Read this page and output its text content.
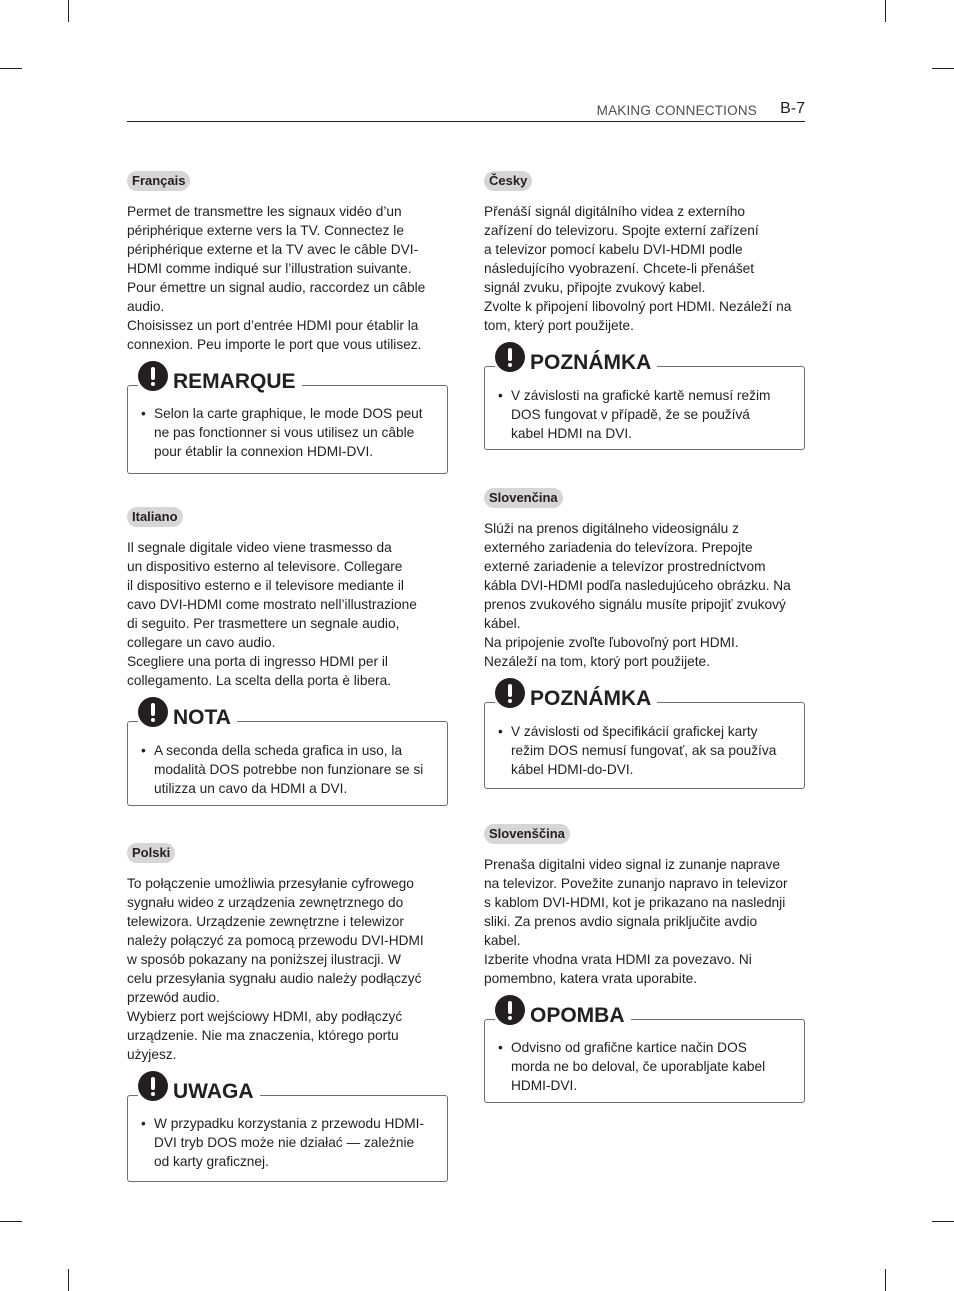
MAKING CONNECTIONS B-7
Français

Permet de transmettre les signaux vidéo d’un
périphérique externe vers la TV. Connectez le
périphérique externe et la TV avec le câble DVI-
HDMI comme indiqué sur l’illustration suivante.
Pour émettre un signal audio, raccordez un câble
audio.
Choisissez un port d’entrée HDMI pour établir la
connexion. Peu importe le port que vous utilisez.

REMARQUE
• Selon la carte graphique, le mode DOS peut
ne pas fonctionner si vous utilisez un câble
pour établir la connexion HDMI-DVI.
Italiano

Il segnale digitale video viene trasmesso da
un dispositivo esterno al televisore. Collegare
il dispositivo esterno e il televisore mediante il
cavo DVI-HDMI come mostrato nell’illustrazione
di seguito. Per trasmettere un segnale audio,
collegare un cavo audio.
Scegliere una porta di ingresso HDMI per il
collegamento. La scelta della porta è libera.

NOTA
• A seconda della scheda grafica in uso, la
modalità DOS potrebbe non funzionare se si
utilizza un cavo da HDMI a DVI.
Polski

To połączenie umożliwia przesyłanie cyfrowego
sygnału wideo z urządzenia zewnętrznego do
telewizora. Urządzenie zewnętrzne i telewizor
należy połączyć za pomocą przewodu DVI-HDMI
w sposób pokazany na poniższej ilustracji. W
celu przesyłania sygnału audio należy podłączyć
przewód audio.
Wybierz port wejściowy HDMI, aby podłączyć
urządzenie. Nie ma znaczenia, którego portu
użyjesz.

UWAGA
• W przypadku korzystania z przewodu HDMI-
DVI tryb DOS może nie działać — zależnie
od karty graficznej.
Česky

Přenáší signál digitálního videa z externího
zařízení do televizoru. Spojte externí zařízení
a televizor pomocí kabelu DVI-HDMI podle
následujícího vyobrazení. Chcete-li přenášet
signál zvuku, připojte zvukový kabel.
Zvolte k připojení libovolný port HDMI. Nezáleží na
tom, který port použijete.

POZNÁMKA
• V závislosti na grafické kartě nemusí režim
DOS fungovat v případě, že se používá
kabel HDMI na DVI.
Slovenčina

Slúži na prenos digitálneho videosignálu z
externého zariadenia do televízora. Prepojte
externé zariadenie a televízor prostredníctvom
kábla DVI-HDMI podľa nasledujúceho obrázku. Na
prenos zvukového signálu musíte pripojiť zvukový
kábel.
Na pripojenie zvoľte ľubovoľný port HDMI.
Nezáleží na tom, ktorý port použijete.

POZNÁMKA
• V závislosti od špecifikácií grafickej karty
režim DOS nemusí fungovať, ak sa používa
kábel HDMI-do-DVI.
Slovenščina

Prenaša digitalni video signal iz zunanje naprave
na televizor. Povežite zunanjo napravo in televizor
s kablom DVI-HDMI, kot je prikazano na naslednji
sliki. Za prenos avdio signala priključite avdio
kabel.
Izberite vhodna vrata HDMI za povezavo. Ni
pomembno, katera vrata uporabite.

OPOMBA
• Odvisno od grafične kartice način DOS
morda ne bo deloval, če uporabljate kabel
HDMI-DVI.
